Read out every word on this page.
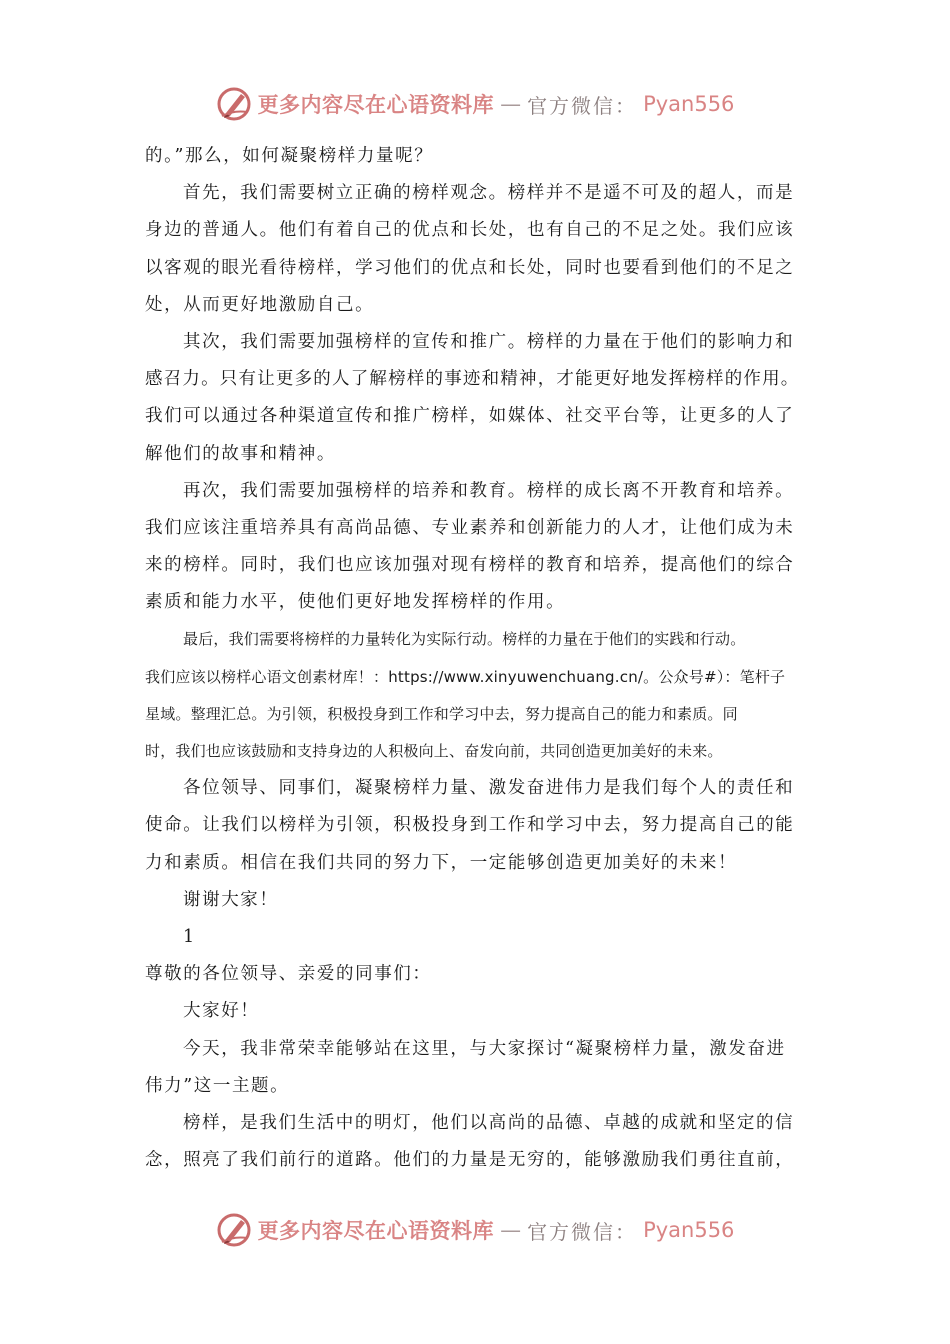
更多内容尽在心语资料库 — 官方微信： Pyan556
的。”那么，如何凝聚榜样力量呢？
首先，我们需要树立正确的榜样观念。榜样并不是遥不可及的超人，而是
身边的普通人。他们有着自己的优点和长处，也有自己的不足之处。我们应该
以客观的眼光看待榜样，学习他们的优点和长处，同时也要看到他们的不足之
处，从而更好地激励自己。
其次，我们需要加强榜样的宣传和推广。榜样的力量在于他们的影响力和
感召力。只有让更多的人了解榜样的事迹和精神，才能更好地发挥榜样的作用。
我们可以通过各种渠道宣传和推广榜样，如媒体、社交平台等，让更多的人了
解他们的故事和精神。
再次，我们需要加强榜样的培养和教育。榜样的成长离不开教育和培养。
我们应该注重培养具有高尚品德、专业素养和创新能力的人才，让他们成为未
来的榜样。同时，我们也应该加强对现有榜样的教育和培养，提高他们的综合
素质和能力水平，使他们更好地发挥榜样的作用。
最后，我们需要将榜样的力量转化为实际行动。榜样的力量在于他们的实践和行动。
我们应该以榜样心语文创素材库！：https://www.xinyuwenchuang.cn/。公众号#）：笔杆子
星域。整理汇总。为引领，积极投身到工作和学习中去，努力提高自己的能力和素质。同
时，我们也应该鼓励和支持身边的人积极向上、奋发向前，共同创造更加美好的未来。
各位领导、同事们，凝聚榜样力量、激发奋进伟力是我们每个人的责任和
使命。让我们以榜样为引领，积极投身到工作和学习中去，努力提高自己的能
力和素质。相信在我们共同的努力下，一定能够创造更加美好的未来！
谢谢大家！
1
尊敬的各位领导、亲爱的同事们：
大家好！
今天，我非常荣幸能够站在这里，与大家探讨“凝聚榜样力量，激发奋进
伟力”这一主题。
榜样，是我们生活中的明灯，他们以高尚的品德、卓越的成就和坚定的信
念，照亮了我们前行的道路。他们的力量是无穷的，能够激励我们勇往直前，
更多内容尽在心语资料库 — 官方微信： Pyan556
